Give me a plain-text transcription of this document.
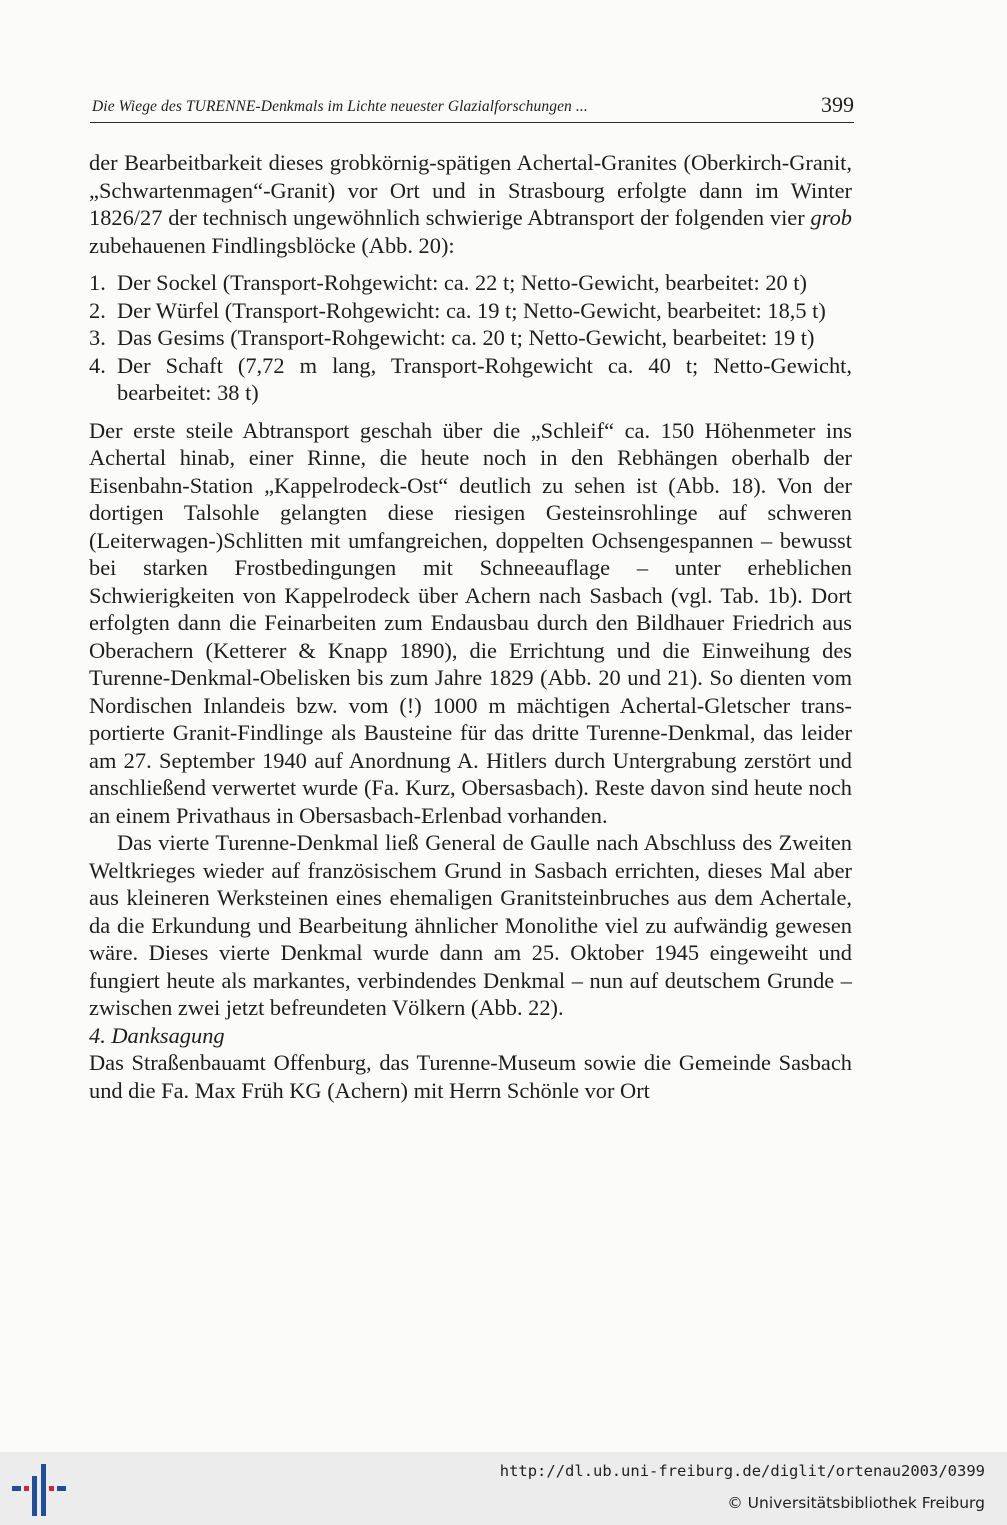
Die Wiege des TURENNE-Denkmals im Lichte neuester Glazialforschungen ...	399

der Bearbeitbarkeit dieses grobkörnig-spätigen Achertal-Granites (Oberkirch-Granit, „Schwartenmagen“-Granit) vor Ort und in Strasbourg erfolgte dann im Winter 1826/27 der technisch ungewöhnlich schwierige Abtransport der folgenden vier grob zubehauenen Findlingsblöcke (Abb. 20):

1. Der Sockel (Transport-Rohgewicht: ca. 22 t; Netto-Gewicht, bearbeitet: 20 t)
2. Der Würfel (Transport-Rohgewicht: ca. 19 t; Netto-Gewicht, bearbeitet: 18,5 t)
3. Das Gesims (Transport-Rohgewicht: ca. 20 t; Netto-Gewicht, bearbeitet: 19 t)
4. Der Schaft (7,72 m lang, Transport-Rohgewicht ca. 40 t; Netto-Gewicht, bearbeitet: 38 t)

Der erste steile Abtransport geschah über die „Schleif“ ca. 150 Höhenmeter ins Achertal hinab, einer Rinne, die heute noch in den Rebhängen oberhalb der Eisenbahn-Station „Kappelrodeck-Ost“ deutlich zu sehen ist (Abb. 18). Von der dortigen Talsohle gelangten diese riesigen Gesteinsrohlinge auf schweren (Leiterwagen-)Schlitten mit umfangreichen, doppelten Ochsengespannen – bewusst bei starken Frostbedingungen mit Schneeauflage – unter erheblichen Schwierigkeiten von Kappelrodeck über Achern nach Sasbach (vgl. Tab. 1b). Dort erfolgten dann die Feinarbeiten zum Endausbau durch den Bildhauer Friedrich aus Oberachern (Ketterer & Knapp 1890), die Errichtung und die Einweihung des Turenne-Denkmal-Obelisken bis zum Jahre 1829 (Abb. 20 und 21). So dienten vom Nordischen Inlandeis bzw. vom (!) 1000 m mächtigen Achertal-Gletscher transportierte Granit-Findlinge als Bausteine für das dritte Turenne-Denkmal, das leider am 27. September 1940 auf Anordnung A. Hitlers durch Untergrabung zerstört und anschließend verwertet wurde (Fa. Kurz, Obersasbach). Reste davon sind heute noch an einem Privathaus in Obersasbach-Erlenbad vorhanden.

Das vierte Turenne-Denkmal ließ General de Gaulle nach Abschluss des Zweiten Weltkrieges wieder auf französischem Grund in Sasbach errichten, dieses Mal aber aus kleineren Werksteinen eines ehemaligen Granitsteinbruches aus dem Achertale, da die Erkundung und Bearbeitung ähnlicher Monolithe viel zu aufwändig gewesen wäre. Dieses vierte Denkmal wurde dann am 25. Oktober 1945 eingeweiht und fungiert heute als markantes, verbindendes Denkmal – nun auf deutschem Grunde – zwischen zwei jetzt befreundeten Völkern (Abb. 22).

4. Danksagung

Das Straßenbauamt Offenburg, das Turenne-Museum sowie die Gemeinde Sasbach und die Fa. Max Früh KG (Achern) mit Herrn Schönle vor Ort

http://dl.ub.uni-freiburg.de/diglit/ortenau2003/0399
© Universitätsbibliothek Freiburg
